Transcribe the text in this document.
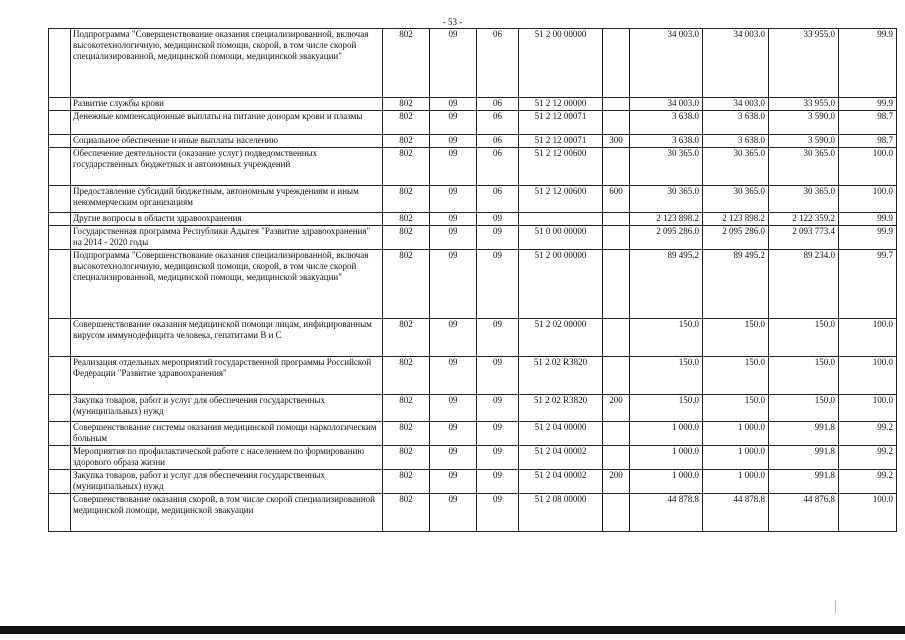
- 53 -
	Подпрограмма "Совершенствование оказания специализированной, включая высокотехнологичную, медицинской помощи, скорой, в том числе скорой специализированной, медицинской помощи, медицинской эвакуации"	802	09	06	51 2 00 00000		34 003.0	34 003.0	33 955.0	99.9
	Развитие службы крови	802	09	06	51 2 12 00000		34 003.0	34 003.0	33 955.0	99.9
	Денежные компенсационные выплаты на питание донорам крови и плазмы	802	09	06	51 2 12 00071		3 638.0	3 638.0	3 590.0	98.7
	Социальное обеспечение и иные выплаты населению	802	09	06	51 2 12 00071	300	3 638.0	3 638.0	3 590.0	98.7
	Обеспечение деятельности (оказание услуг) подведомственных государственных бюджетных и автономных учреждений	802	09	06	51 2 12 00600		30 365.0	30 365.0	30 365.0	100.0
	Предоставление субсидий бюджетным, автономным учреждениям и иным некоммерческим организациям	802	09	06	51 2 12 00600	600	30 365.0	30 365.0	30 365.0	100.0
	Другие вопросы в области здравоохранения	802	09	09			2 123 898.2	2 123 898.2	2 122 359.2	99.9
	Государственная программа Республики Адыгея "Развитие здравоохранения" на 2014 - 2020 годы	802	09	09	51 0 00 00000		2 095 286.0	2 095 286.0	2 093 773.4	99.9
	Подпрограмма "Совершенствование оказания специализированной, включая высокотехнологичную, медицинской помощи, скорой, в том числе скорой специализированной, медицинской помощи, медицинской эвакуации"	802	09	09	51 2 00 00000		89 495.2	89 495.2	89 234.0	99.7
	Совершенствование оказания медицинской помощи лицам, инфицированным вирусом иммунодефицита человека, гепатитами В и С	802	09	09	51 2 02 00000		150.0	150.0	150.0	100.0
	Реализация отдельных мероприятий государственной программы Российской Федерации "Развитие здравоохранения"	802	09	09	51 2 02 R3820		150.0	150.0	150.0	100.0
	Закупка товаров, работ и услуг для обеспечения государственных (муниципальных) нужд	802	09	09	51 2 02 R3820	200	150.0	150.0	150.0	100.0
	Совершенствование системы оказания медицинской помощи наркологическим больным	802	09	09	51 2 04 00000		1 000.0	1 000.0	991.8	99.2
	Мероприятия по профилактической работе с населением по формированию здорового образа жизни	802	09	09	51 2 04 00002		1 000.0	1 000.0	991.8	99.2
	Закупка товаров, работ и услуг для обеспечения государственных (муниципальных) нужд	802	09	09	51 2 04 00002	200	1 000.0	1 000.0	991.8	99.2
	Совершенствование оказания скорой, в том числе скорой специализированной медицинской помощи, медицинской эвакуации	802	09	09	51 2 08 00000		44 878.8	44 878.8	44 876.8	100.0
